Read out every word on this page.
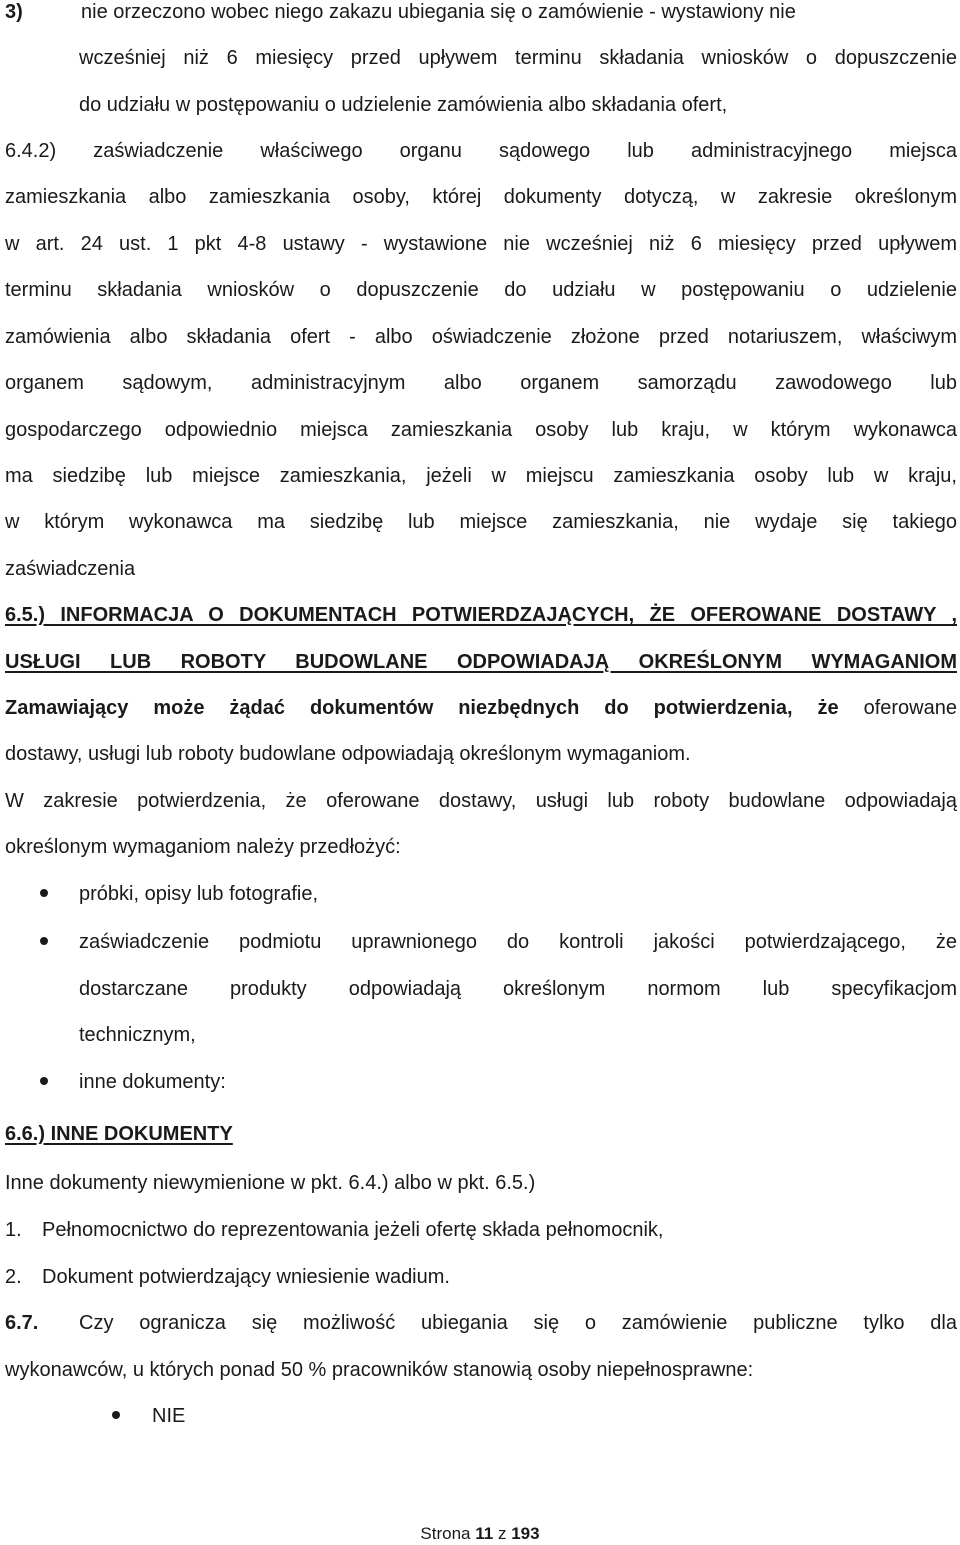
3)	nie orzeczono wobec niego zakazu ubiegania się o zamówienie - wystawiony nie
wcześniej niż 6 miesięcy przed upływem terminu składania wniosków o dopuszczenie
do udziału w postępowaniu o udzielenie zamówienia albo składania ofert,
6.4.2) zaświadczenie właściwego organu sądowego lub administracyjnego miejsca
zamieszkania albo zamieszkania osoby, której dokumenty dotyczą, w zakresie określonym
w art. 24 ust. 1 pkt 4-8 ustawy - wystawione nie wcześniej niż 6 miesięcy przed upływem
terminu składania wniosków o dopuszczenie do udziału w postępowaniu o udzielenie
zamówienia albo składania ofert - albo oświadczenie złożone przed notariuszem, właściwym
organem sądowym, administracyjnym albo organem samorządu zawodowego lub
gospodarczego odpowiednio miejsca zamieszkania osoby lub kraju, w którym wykonawca
ma siedzibę lub miejsce zamieszkania, jeżeli w miejscu zamieszkania osoby lub w kraju,
w którym wykonawca ma siedzibę lub miejsce zamieszkania, nie wydaje się takiego
zaświadczenia
6.5.) INFORMACJA O DOKUMENTACH POTWIERDZAJĄCYCH, ŻE OFEROWANE DOSTAWY ,
USŁUGI LUB ROBOTY BUDOWLANE ODPOWIADAJĄ OKREŚLONYM WYMAGANIOM
Zamawiający może żądać dokumentów niezbędnych do potwierdzenia, że oferowane
dostawy, usługi lub roboty budowlane odpowiadają określonym wymaganiom.
W zakresie potwierdzenia, że oferowane dostawy, usługi lub roboty budowlane odpowiadają
określonym wymaganiom należy przedłożyć:
próbki, opisy lub fotografie,
zaświadczenie podmiotu uprawnionego do kontroli jakości potwierdzającego, że
dostarczane produkty odpowiadają określonym normom lub specyfikacjom
technicznym,
inne dokumenty:
6.6.) INNE DOKUMENTY
Inne dokumenty niewymienione w pkt. 6.4.) albo w pkt. 6.5.)
1. Pełnomocnictwo do reprezentowania jeżeli ofertę składa pełnomocnik,
2. Dokument potwierdzający wniesienie wadium.
6.7.	Czy ogranicza się możliwość ubiegania się o zamówienie publiczne tylko dla
wykonawców, u których ponad 50 % pracowników stanowią osoby niepełnosprawne:
NIE
Strona 11 z 193
